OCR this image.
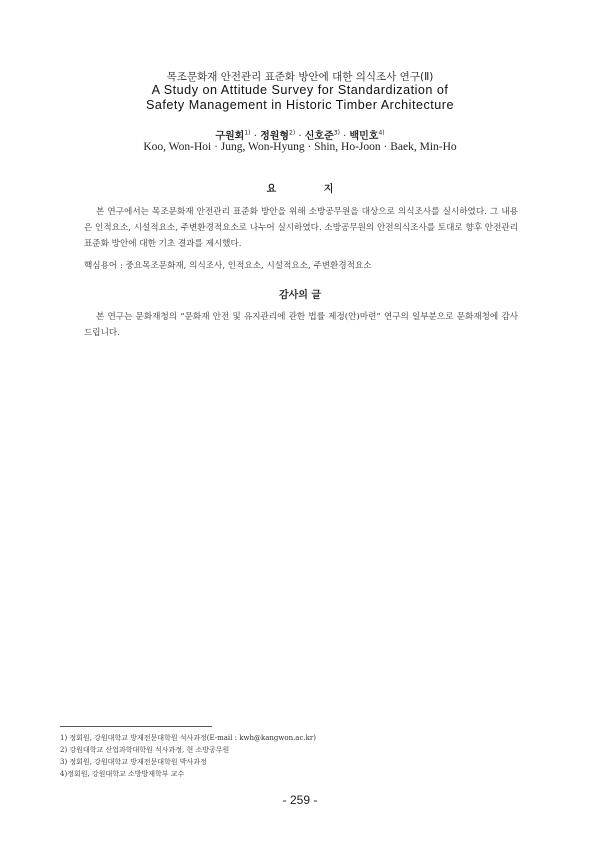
목조문화재 안전관리 표준화 방안에 대한 의식조사 연구(Ⅱ)
A Study on Attitude Survey for Standardization of
Safety Management in Historic Timber Architecture
구원회$^{1)}$ · 정원형$^{2)}$ · 신호준$^{3)}$ · 백민호$^{4)}$
Koo, Won-Hoi · Jung, Won-Hyung · Shin, Ho-Joon · Baek, Min-Ho
요 지
본 연구에서는 목조문화재 안전관리 표준화 방안을 위해 소방공무원을 대상으로 의식조사를 실시하였다. 그 내용은 인적요소, 시설적요소, 주변환경적요소로 나누어 실시하였다. 소방공무원의 안전의식조사를 토대로 향후 안전관리 표준화 방안에 대한 기초 결과를 제시했다.
핵심용어 : 중요목조문화재, 의식조사, 인적요소, 시설적요소, 주변환경적요소
감사의 글
본 연구는 문화재청의 “문화재 안전 및 유지관리에 관한 법률 제정(안)마련” 연구의 일부분으로 문화재청에 감사드립니다.
1) 정회원, 강원대학교 방재전문대학원 석사과정(E-mail : kwh@kangwon.ac.kr)
2) 강원대학교 산업과학대학원 석사과정, 현 소방공무원
3) 정회원, 강원대학교 방재전문대학원 박사과정
4)정회원, 강원대학교 소방방재학부 교수
- 259 -
